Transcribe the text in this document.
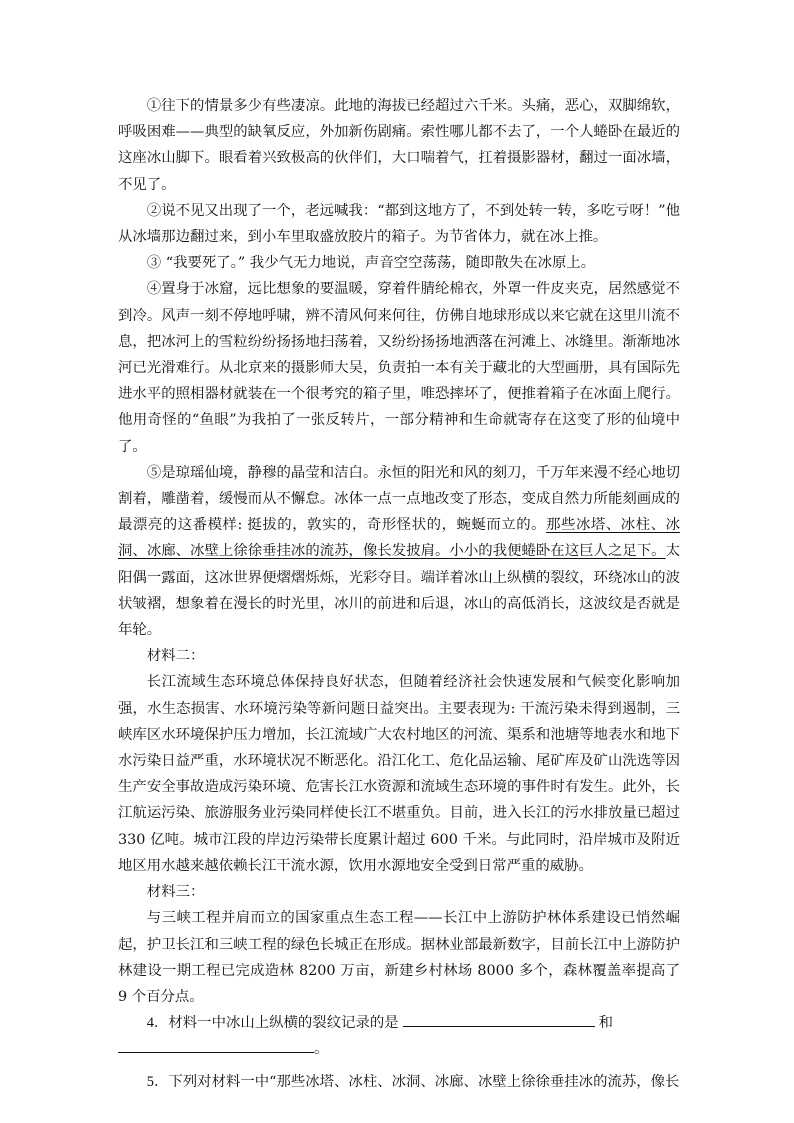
①往下的情景多少有些凄凉。此地的海拔已经超过六千米。头痛，恶心，双脚绵软，呼吸困难——典型的缺氧反应，外加新伤剧痛。索性哪儿都不去了，一个人蜷卧在最近的这座冰山脚下。眼看着兴致极高的伙伴们，大口喘着气，扛着摄影器材，翻过一面冰墙，不见了。

②说不见又出现了一个，老远喊我：“都到这地方了，不到处转一转，多吃亏呀！”他从冰墙那边翻过来，到小车里取盛放胶片的箱子。为节省体力，就在冰上推。

③ “我要死了。” 我少气无力地说，声音空空荡荡，随即散失在冰原上。

④置身于冰窟，远比想象的要温暖，穿着件腈纶棉衣，外罩一件皮夹克，居然感觉不到冷。风声一刻不停地呼啸，辨不清风何来何往，仿佛自地球形成以来它就在这里川流不息，把冰河上的雪粒纷纷扬扬地扫荡着，又纷纷扬扬地洒落在河滩上、冰缝里。渐渐地冰河已光滑难行。从北京来的摄影师大吴，负责拍一本有关于藏北的大型画册，具有国际先进水平的照相器材就装在一个很考究的箱子里，唯恐摔坏了，便推着箱子在冰面上爬行。他用奇怪的“鱼眼”为我拍了一张反转片，一部分精神和生命就寄存在这变了形的仙境中了。

⑤是琼瑶仙境，静穆的晶莹和洁白。永恒的阳光和风的刻刀，千万年来漫不经心地切割着，雕凿着，缓慢而从不懈怠。冰体一点一点地改变了形态，变成自然力所能刻画成的最漂亮的这番模样: 挺拔的，敦实的，奇形怪状的，蜿蜒而立的。那些冰塔、冰柱、冰洞、冰廊、冰壁上徐徐垂挂冰的流苏，像长发披肩。小小的我便蜷卧在这巨人之足下。太阳偶一露面，这冰世界便熠熠烁烁，光彩夺目。端详着冰山上纵横的裂纹，环绕冰山的波状皱褶，想象着在漫长的时光里，冰川的前进和后退，冰山的高低消长，这波纹是否就是年轮。

材料二：

长江流域生态环境总体保持良好状态，但随着经济社会快速发展和气候变化影响加强，水生态损害、水环境污染等新问题日益突出。主要表现为: 干流污染未得到遏制，三峡库区水环境保护压力增加，长江流域广大农村地区的河流、渠系和池塘等地表水和地下水污染日益严重，水环境状况不断恶化。沿江化工、危化品运输、尾矿库及矿山洗选等因生产安全事故造成污染环境、危害长江水资源和流域生态环境的事件时有发生。此外，长江航运污染、旅游服务业污染同样使长江不堪重负。目前，进入长江的污水排放量已超过 330 亿吨。城市江段的岸边污染带长度累计超过 600 千米。与此同时，沿岸城市及附近地区用水越来越依赖长江干流水源，饮用水源地安全受到日常严重的威胁。

材料三：

与三峡工程并肩而立的国家重点生态工程——长江中上游防护林体系建设已悄然崛起，护卫长江和三峡工程的绿色长城正在形成。据林业部最新数字，目前长江中上游防护林建设一期工程已完成造林 8200 万亩，新建乡村林场 8000 多个，森林覆盖率提高了 9 个百分点。

4．材料一中冰山上纵横的裂纹记录的是	和

。

5．下列对材料一中“那些冰塔、冰柱、冰洞、冰廊、冰壁上徐徐垂挂冰的流苏，像长
